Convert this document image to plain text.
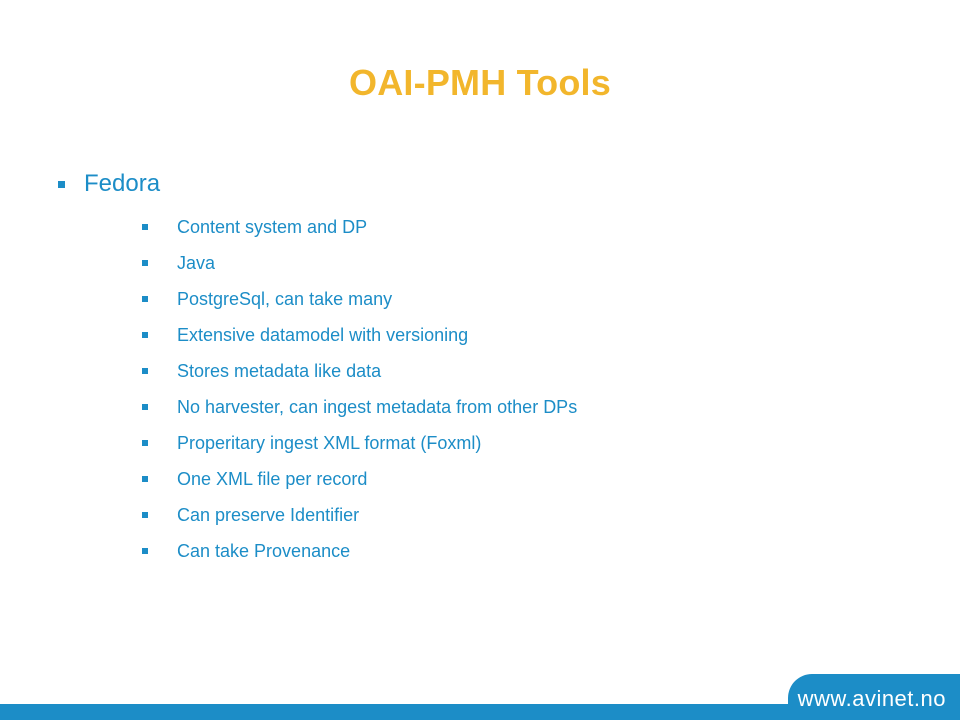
OAI-PMH Tools
Fedora
Content system and DP
Java
PostgreSql, can take many
Extensive datamodel with versioning
Stores metadata like data
No harvester, can ingest metadata from other DPs
Properitary ingest XML format (Foxml)
One XML file per record
Can preserve Identifier
Can take Provenance
www.avinet.no
